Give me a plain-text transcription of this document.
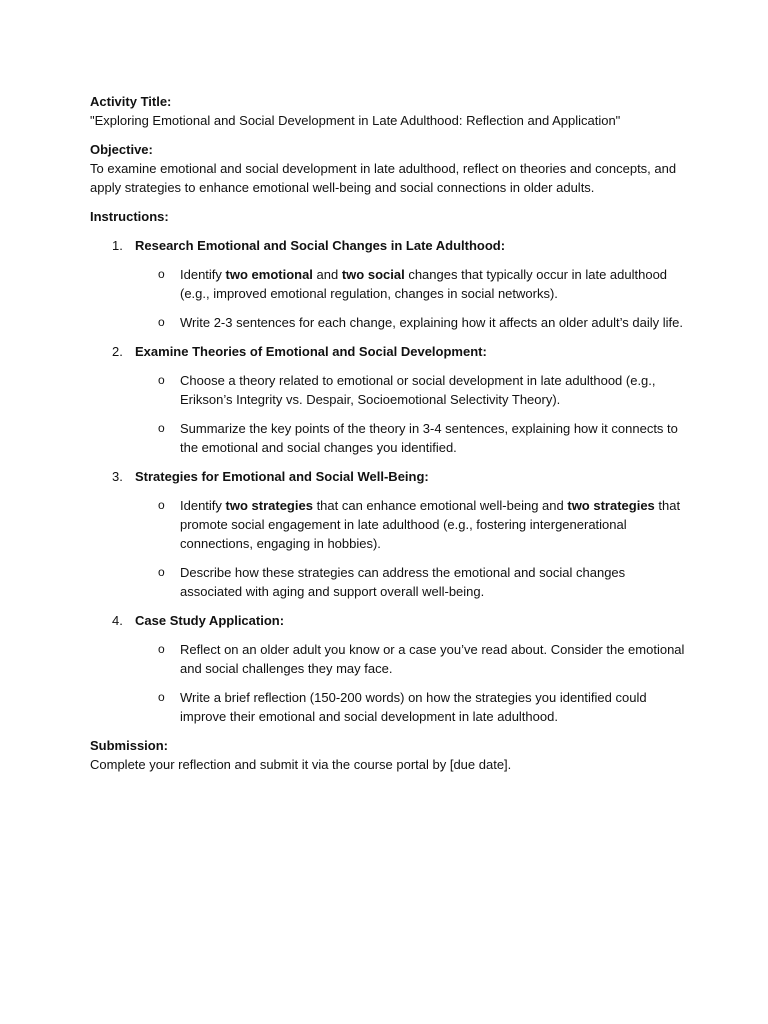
Activity Title:
"Exploring Emotional and Social Development in Late Adulthood: Reflection and Application"
Objective:
To examine emotional and social development in late adulthood, reflect on theories and concepts, and apply strategies to enhance emotional well-being and social connections in older adults.
Instructions:
1. Research Emotional and Social Changes in Late Adulthood:
o Identify two emotional and two social changes that typically occur in late adulthood (e.g., improved emotional regulation, changes in social networks).
o Write 2-3 sentences for each change, explaining how it affects an older adult’s daily life.
2. Examine Theories of Emotional and Social Development:
o Choose a theory related to emotional or social development in late adulthood (e.g., Erikson’s Integrity vs. Despair, Socioemotional Selectivity Theory).
o Summarize the key points of the theory in 3-4 sentences, explaining how it connects to the emotional and social changes you identified.
3. Strategies for Emotional and Social Well-Being:
o Identify two strategies that can enhance emotional well-being and two strategies that promote social engagement in late adulthood (e.g., fostering intergenerational connections, engaging in hobbies).
o Describe how these strategies can address the emotional and social changes associated with aging and support overall well-being.
4. Case Study Application:
o Reflect on an older adult you know or a case you’ve read about. Consider the emotional and social challenges they may face.
o Write a brief reflection (150-200 words) on how the strategies you identified could improve their emotional and social development in late adulthood.
Submission:
Complete your reflection and submit it via the course portal by [due date].
